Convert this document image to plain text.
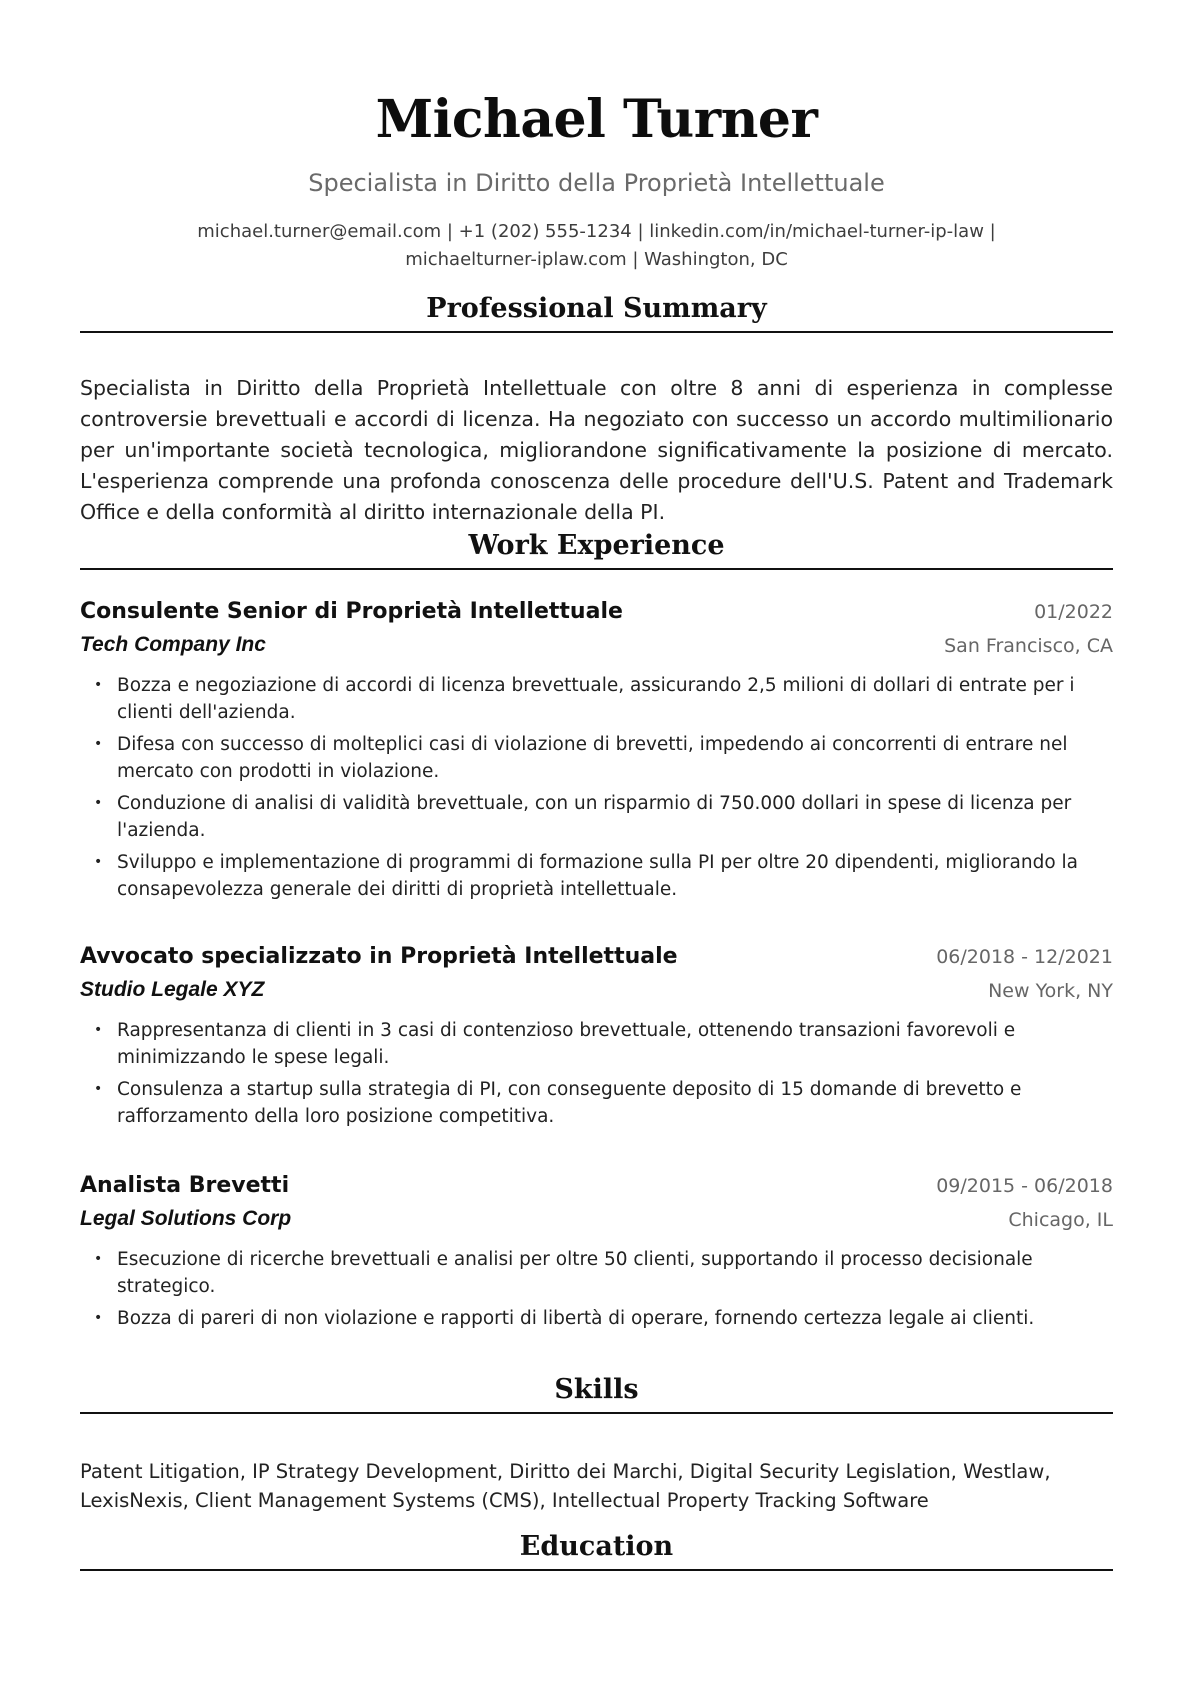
Michael Turner
Specialista in Diritto della Proprietà Intellettuale
michael.turner@email.com | +1 (202) 555-1234 | linkedin.com/in/michael-turner-ip-law |
michaelturner-iplaw.com | Washington, DC
Professional Summary
Specialista in Diritto della Proprietà Intellettuale con oltre 8 anni di esperienza in complesse controversie brevettuali e accordi di licenza. Ha negoziato con successo un accordo multimilionario per un'importante società tecnologica, migliorandone significativamente la posizione di mercato. L'esperienza comprende una profonda conoscenza delle procedure dell'U.S. Patent and Trademark Office e della conformità al diritto internazionale della PI.
Work Experience
Consulente Senior di Proprietà Intellettuale	01/2022
Tech Company Inc	San Francisco, CA
• Bozza e negoziazione di accordi di licenza brevettuale, assicurando 2,5 milioni di dollari di entrate per i clienti dell'azienda.
• Difesa con successo di molteplici casi di violazione di brevetti, impedendo ai concorrenti di entrare nel mercato con prodotti in violazione.
• Conduzione di analisi di validità brevettuale, con un risparmio di 750.000 dollari in spese di licenza per l'azienda.
• Sviluppo e implementazione di programmi di formazione sulla PI per oltre 20 dipendenti, migliorando la consapevolezza generale dei diritti di proprietà intellettuale.
Avvocato specializzato in Proprietà Intellettuale	06/2018 - 12/2021
Studio Legale XYZ	New York, NY
• Rappresentanza di clienti in 3 casi di contenzioso brevettuale, ottenendo transazioni favorevoli e minimizzando le spese legali.
• Consulenza a startup sulla strategia di PI, con conseguente deposito di 15 domande di brevetto e rafforzamento della loro posizione competitiva.
Analista Brevetti	09/2015 - 06/2018
Legal Solutions Corp	Chicago, IL
• Esecuzione di ricerche brevettuali e analisi per oltre 50 clienti, supportando il processo decisionale strategico.
• Bozza di pareri di non violazione e rapporti di libertà di operare, fornendo certezza legale ai clienti.
Skills
Patent Litigation, IP Strategy Development, Diritto dei Marchi, Digital Security Legislation, Westlaw, LexisNexis, Client Management Systems (CMS), Intellectual Property Tracking Software
Education
